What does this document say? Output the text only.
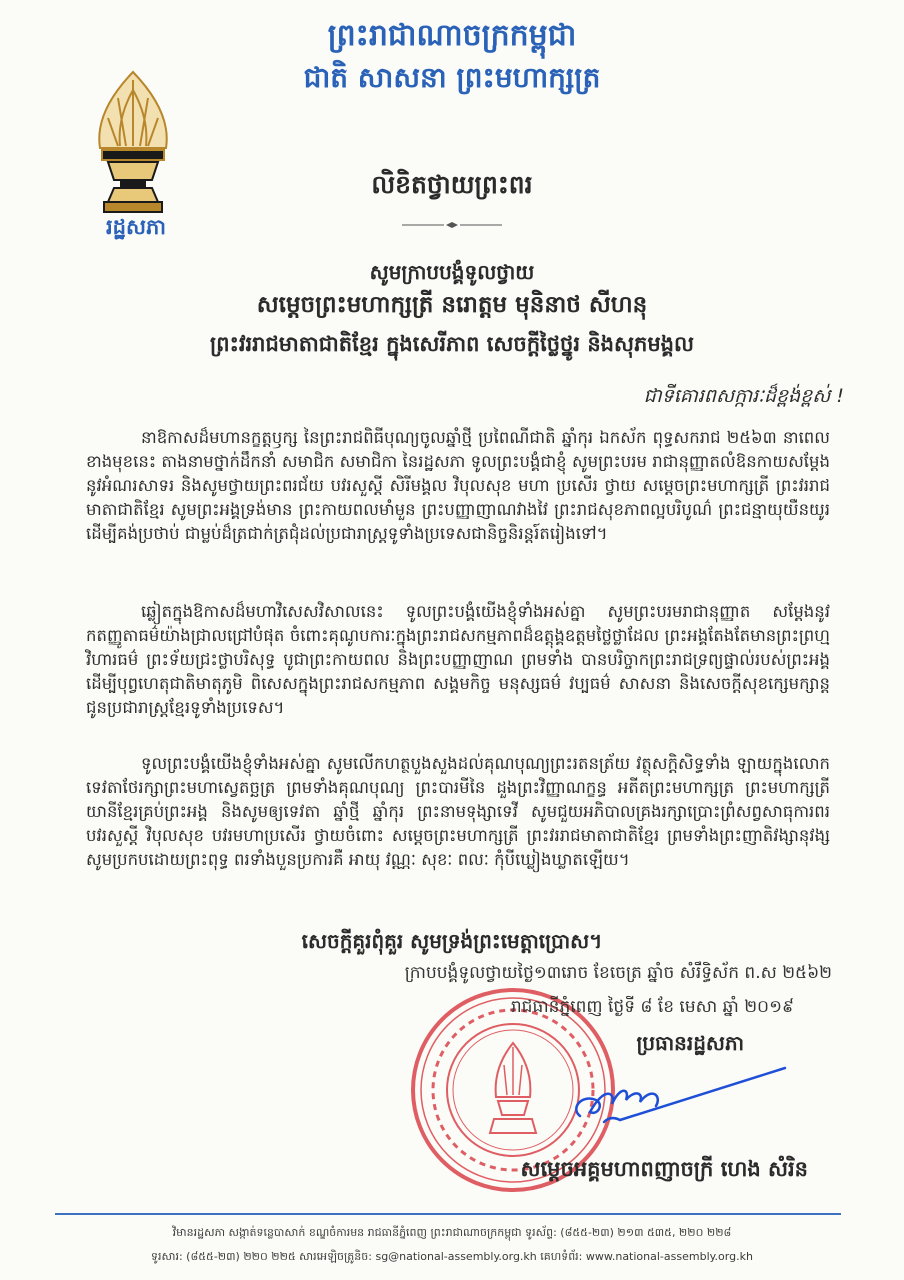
ព្រះរាជាណាចក្រកម្ពុជា
ជាតិ សាសនា ព្រះមហាក្សត្រ
រដ្ឋសភា
លិខិតថ្វាយព្រះពរ
សូមក្រាបបង្គំទូលថ្វាយ
សម្ដេចព្រះមហាក្សត្រី នរោត្តម មុនិនាថ សីហនុ
ព្រះវររាជមាតាជាតិខ្មែរ ក្នុងសេរីភាព សេចក្តីថ្លៃថ្នូរ និងសុភមង្គល
ជាទីគោរពសក្ការៈដ៏ខ្ពង់ខ្ពស់ !
នាឱកាសដ៏មហានក្ខត្តឫក្ស នៃព្រះរាជពិធីបុណ្យចូលឆ្នាំថ្មី ប្រពៃណីជាតិ ឆ្នាំកុរ ឯកស័ក ពុទ្ធសករាជ ២៥៦៣ នាពេលខាងមុខនេះ តាងនាមថ្នាក់ដឹកនាំ សមាជិក សមាជិកា នៃរដ្ឋសភា ទូលព្រះបង្គំជាខ្ញុំ សូមព្រះបរម រាជានុញ្ញាតលំឱនកាយសម្តែងនូវអំណរសាទរ និងសូមថ្វាយព្រះពរជ័យ បវរសួស្តី សិរីមង្គល វិបុលសុខ មហា ប្រសើរ ថ្វាយ សម្ដេចព្រះមហាក្សត្រី ព្រះវររាជមាតាជាតិខ្មែរ សូមព្រះអង្គទ្រង់មាន ព្រះកាយពលមាំមួន ព្រះបញ្ញាញាណវាងវៃ ព្រះរាជសុខភាពល្អបរិបូណ៌ ព្រះជន្មាយុយឺនយូរ ដើម្បីគង់ប្រថាប់ ជាម្លប់ដ៏ត្រជាក់ត្រជុំដល់ប្រជារាស្ត្រទូទាំងប្រទេសជានិច្ចនិរន្តរ៍តរៀងទៅ។
ឆ្លៀតក្នុងឱកាសដ៏មហាវិសេសវិសាលនេះ ទូលព្រះបង្គំយើងខ្ញុំទាំងអស់គ្នា សូមព្រះបរមរាជានុញ្ញាត សម្ដែងនូវកតញ្ញូតាធម៌យ៉ាងជ្រាលជ្រៅបំផុត ចំពោះគុណូបការៈក្នុងព្រះរាជសកម្មភាពដ៏ឧត្ដុង្គឧត្ដមថ្លៃថ្លាដែល ព្រះអង្គតែងតែមានព្រះព្រហ្មវិហារធម៌ ព្រះទ័យជ្រះថ្លាបរិសុទ្ធ បូជាព្រះកាយពល និងព្រះបញ្ញាញាណ ព្រមទាំង បានបរិច្ចាកព្រះរាជទ្រព្យផ្ទាល់របស់ព្រះអង្គដើម្បីបុព្វហេតុជាតិមាតុភូមិ ពិសេសក្នុងព្រះរាជសកម្មភាព សង្គមកិច្ច មនុស្សធម៌ វប្បធម៌ សាសនា និងសេចក្ដីសុខក្សេមក្សាន្ត ជូនប្រជារាស្ត្រខ្មែរទូទាំងប្រទេស។
ទូលព្រះបង្គំយើងខ្ញុំទាំងអស់គ្នា សូមលើកហត្ថបួងសួងដល់គុណបុណ្យព្រះរតនត្រ័យ វត្ថុសក្ដិសិទ្ធទាំង ឡាយក្នុងលោក ទេវតាថែរក្សាព្រះមហាស្វេតច្ឆត្រ ព្រមទាំងគុណបុណ្យ ព្រះបារមីនៃ ដួងព្រះវិញ្ញាណក្ខន្ធ អតីតព្រះមហាក្សត្រ ព្រះមហាក្សត្រីយានីខ្មែរគ្រប់ព្រះអង្គ និងសូមឲ្យទេវតា ឆ្នាំថ្មី ឆ្នាំកុរ ព្រះនាមទុង្សាទេវី សូមជួយអភិបាលគ្រងរក្សាប្រោះព្រំសព្វសាធុការពរ បវរសួស្តី វិបុលសុខ បវរមហាប្រសើរ ថ្វាយចំពោះ សម្ដេចព្រះមហាក្សត្រី ព្រះវររាជមាតាជាតិខ្មែរ ព្រមទាំងព្រះញាតិវង្សានុវង្ស សូមប្រកបដោយព្រះពុទ្ធ ពរទាំងបួនប្រការគឺ អាយុ វណ្ណៈ សុខៈ ពលៈ កុំបីឃ្លៀងឃ្លាតឡើយ។
សេចក្តីគួរពុំគួរ សូមទ្រង់ព្រះមេត្តាប្រោស។
ក្រាបបង្គំទូលថ្វាយថ្ងៃ១៣រោច ខែចេត្រ ឆ្នាំច សំរឹទ្ធិស័ក ព.ស ២៥៦២
រាជធានីភ្នំពេញ ថ្ងៃទី ៨ ខែ មេសា ឆ្នាំ ២០១៩
ប្រធានរដ្ឋសភា
សម្ដេចអគ្គមហាពញាចក្រី ហេង សំរិន
វិមានរដ្ឋសភា សង្កាត់ទន្លេបាសាក់ ខណ្ឌចំការមន រាជធានីភ្នំពេញ ព្រះរាជាណាចក្រកម្ពុជា ទូរស័ព្ទ: (៨៥៥-២៣) ២១៣ ៥៣៥, ២២០ ២២៨
ទូរសារ: (៨៥៥-២៣) ២២០ ២២៥ សារអេឡិចត្រូនិច: sg@national-assembly.org.kh គេហទំព័រ: www.national-assembly.org.kh
